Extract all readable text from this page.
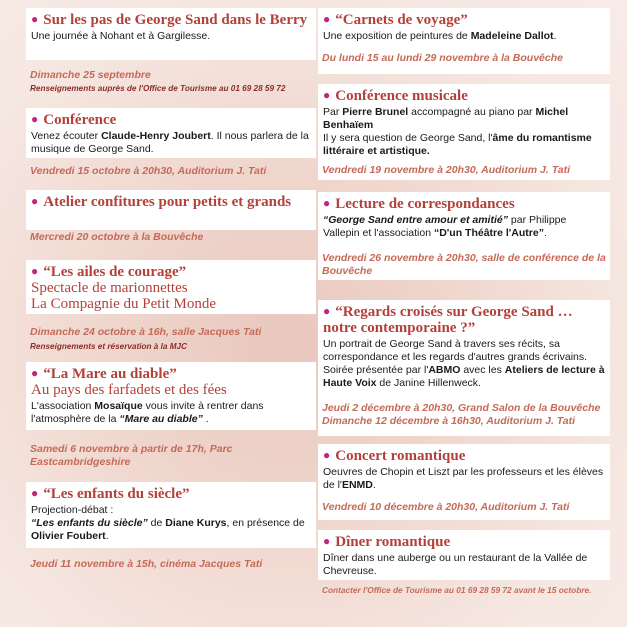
● Sur les pas de George Sand dans le Berry
Une journée à Nohant et à Gargilesse.
Dimanche 25 septembre
Renseignements auprès de l'Office de Tourisme au 01 69 28 59 72
● Conférence
Venez écouter Claude-Henry Joubert. Il nous parlera de la musique de George Sand.
Vendredi 15 octobre à 20h30, Auditorium J. Tati
● Atelier confitures pour petits et grands
Mercredi 20 octobre à la Bouvêche
● “Les ailes de courage”
Spectacle de marionnettes
La Compagnie du Petit Monde
Dimanche 24 octobre à 16h, salle Jacques Tati
Renseignements et réservation à la MJC
● “La Mare au diable”
Au pays des farfadets et des fées
L'association Mosaïque vous invite à rentrer dans l'atmosphère de la “Mare au diable” .
Samedi 6 novembre à partir de 17h, Parc Eastcambridgeshire
● “Les enfants du siècle”
Projection-débat :
“Les enfants du siècle” de Diane Kurys, en présence de Olivier Foubert.
Jeudi 11 novembre à 15h, cinéma Jacques Tati
● “Carnets de voyage”
Une exposition de peintures de Madeleine Dallot.
Du lundi 15 au lundi 29 novembre à la Bouvêche
● Conférence musicale
Par Pierre Brunel accompagné au piano par Michel Benhaïem
Il y sera question de George Sand, l'âme du romantisme littéraire et artistique.
Vendredi 19 novembre à 20h30, Auditorium J. Tati
● Lecture de correspondances
“George Sand entre amour et amitié” par Philippe Vallepin et l'association “D'un Théâtre l'Autre”.
Vendredi 26 novembre à 20h30, salle de conférence de la Bouvêche
● “Regards croisés sur George Sand … notre contemporaine ?”
Un portrait de George Sand à travers ses récits, sa correspondance et les regards d'autres grands écrivains.
Soirée présentée par l'ABMO avec les Ateliers de lecture à Haute Voix de Janine Hillenweck.
Jeudi 2 décembre à 20h30, Grand Salon de la Bouvêche
Dimanche 12 décembre à 16h30, Auditorium J. Tati
● Concert romantique
Oeuvres de Chopin et Liszt par les professeurs et les élèves de l'ENMD.
Vendredi 10 décembre à 20h30, Auditorium J. Tati
● Dîner romantique
Dîner dans une auberge ou un restaurant de la Vallée de Chevreuse.
Contacter l'Office de Tourisme au 01 69 28 59 72 avant le 15 octobre.
